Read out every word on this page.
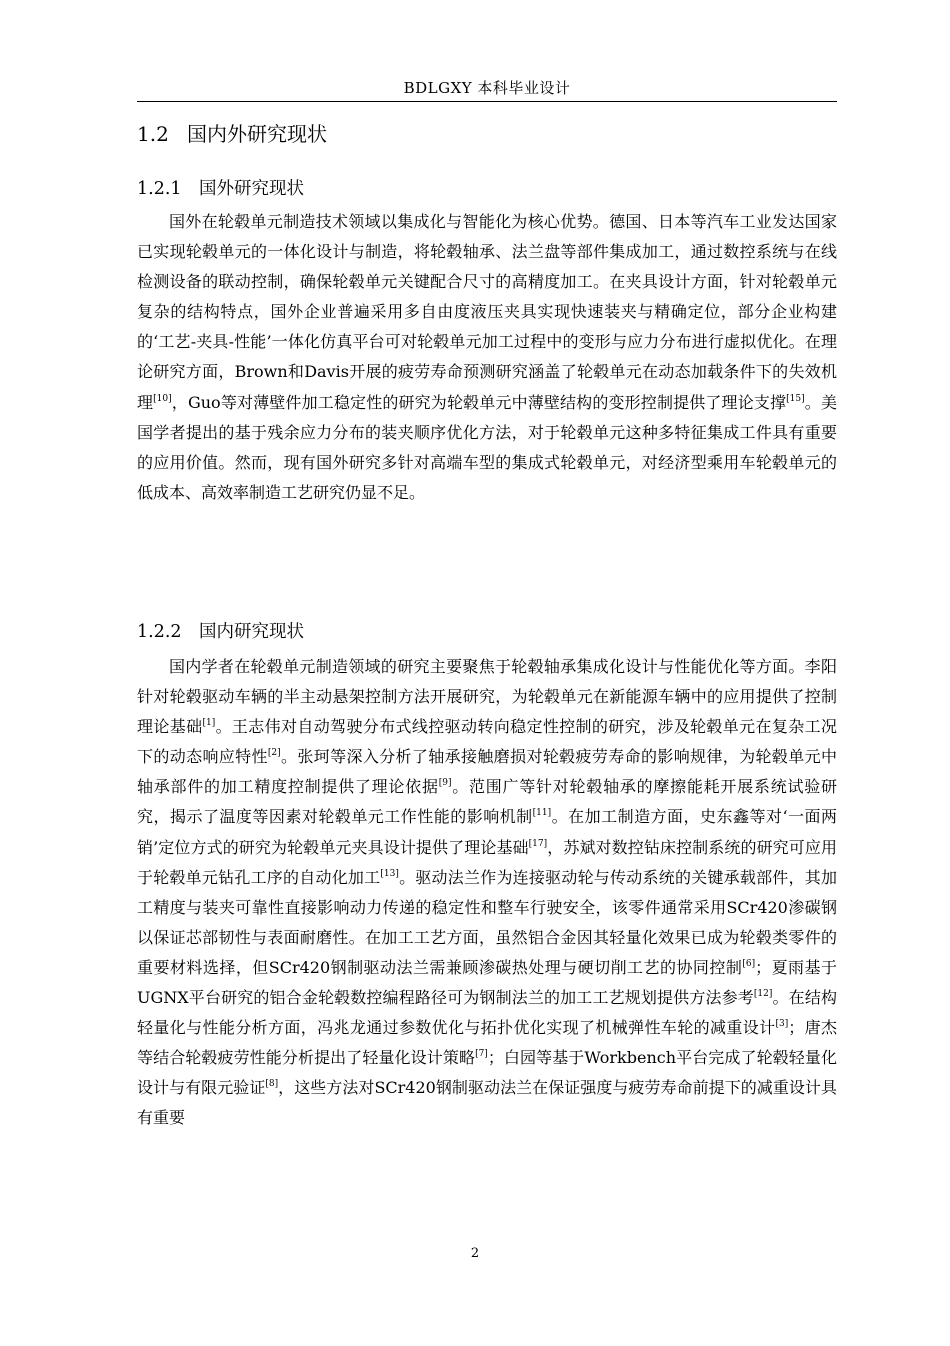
BDLGXY 本科毕业设计
1.2 国内外研究现状
1.2.1 国外研究现状

国外在轮毂单元制造技术领域以集成化与智能化为核心优势。德国、日本等汽车工业发达国家已实现轮毂单元的一体化设计与制造，将轮毂轴承、法兰盘等部件集成加工，通过数控系统与在线检测设备的联动控制，确保轮毂单元关键配合尺寸的高精度加工。在夹具设计方面，针对轮毂单元复杂的结构特点，国外企业普遍采用多自由度液压夹具实现快速装夹与精确定位，部分企业构建的‘工艺-夹具-性能’一体化仿真平台可对轮毂单元加工过程中的变形与应力分布进行虚拟优化。在理论研究方面，Brown和Davis开展的疲劳寿命预测研究涵盖了轮毂单元在动态加载条件下的失效机理[10]，Guo等对薄壁件加工稳定性的研究为轮毂单元中薄壁结构的变形控制提供了理论支撑[15]。美国学者提出的基于残余应力分布的装夹顺序优化方法，对于轮毂单元这种多特征集成工件具有重要的应用价值。然而，现有国外研究多针对高端车型的集成式轮毂单元，对经济型乘用车轮毂单元的低成本、高效率制造工艺研究仍显不足。

1.2.2 国内研究现状

国内学者在轮毂单元制造领域的研究主要聚焦于轮毂轴承集成化设计与性能优化等方面。李阳针对轮毂驱动车辆的半主动悬架控制方法开展研究，为轮毂单元在新能源车辆中的应用提供了控制理论基础[1]。王志伟对自动驾驶分布式线控驱动转向稳定性控制的研究，涉及轮毂单元在复杂工况下的动态响应特性[2]。张珂等深入分析了轴承接触磨损对轮毂疲劳寿命的影响规律，为轮毂单元中轴承部件的加工精度控制提供了理论依据[9]。范围广等针对轮毂轴承的摩擦能耗开展系统试验研究，揭示了温度等因素对轮毂单元工作性能的影响机制[11]。在加工制造方面，史东鑫等对‘一面两销’定位方式的研究为轮毂单元夹具设计提供了理论基础[17]，苏斌对数控钻床控制系统的研究可应用于轮毂单元钻孔工序的自动化加工[13]。驱动法兰作为连接驱动轮与传动系统的关键承载部件，其加工精度与装夹可靠性直接影响动力传递的稳定性和整车行驶安全，该零件通常采用SCr420渗碳钢以保证芯部韧性与表面耐磨性。在加工工艺方面，虽然铝合金因其轻量化效果已成为轮毂类零件的重要材料选择，但SCr420钢制驱动法兰需兼顾渗碳热处理与硬切削工艺的协同控制[6]；夏雨基于UGNX平台研究的铝合金轮毂数控编程路径可为钢制法兰的加工工艺规划提供方法参考[12]。在结构轻量化与性能分析方面，冯兆龙通过参数优化与拓扑优化实现了机械弹性车轮的减重设计[3]；唐杰等结合轮毂疲劳性能分析提出了轻量化设计策略[7]；白园等基于Workbench平台完成了轮毂轻量化设计与有限元验证[8]，这些方法对SCr420钢制驱动法兰在保证强度与疲劳寿命前提下的减重设计具有重要

2
